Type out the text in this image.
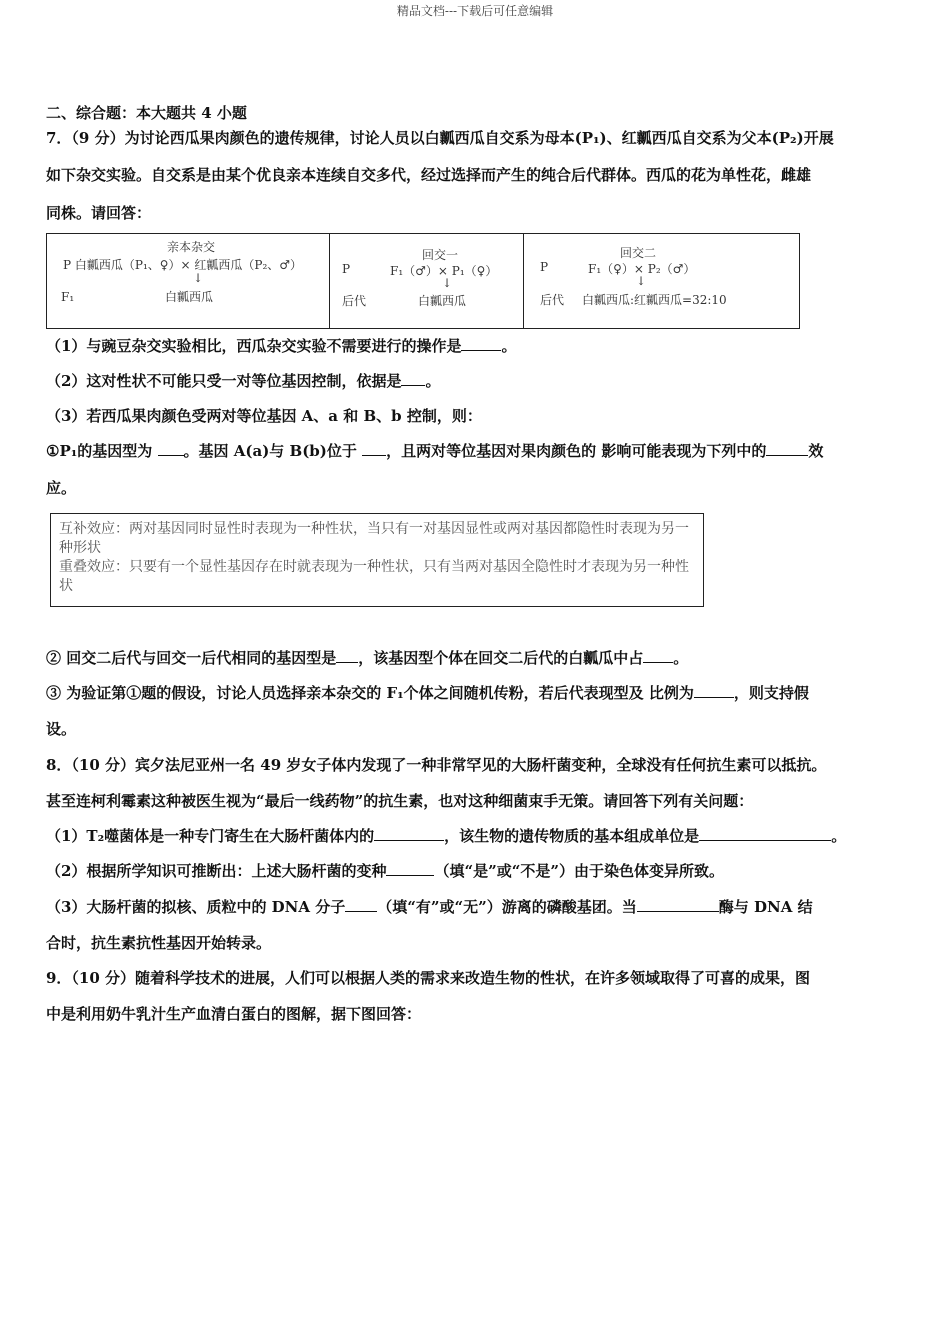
精品文档---下载后可任意编辑

二、综合题：本大题共 4 小题

7．（9 分）为讨论西瓜果肉颜色的遗传规律，讨论人员以白瓤西瓜自交系为母本(P₁)、红瓤西瓜自交系为父本(P₂)开展

如下杂交实验。自交系是由某个优良亲本连续自交多代，经过选择而产生的纯合后代群体。西瓜的花为单性花，雌雄

同株。请回答：

亲本杂交
P 白瓤西瓜（P₁、♀）× 红瓤西瓜（P₂、♂）
↓
F₁	白瓤西瓜
回交一
P	F₁（♂）× P₁（♀）
↓
后代	白瓤西瓜
回交二
P	F₁（♀）× P₂（♂）
↓
后代 白瓤西瓜:红瓤西瓜=32:10

（1）与豌豆杂交实验相比，西瓜杂交实验不需要进行的操作是	。

（2）这对性状不可能只受一对等位基因控制，依据是 。

（3）若西瓜果肉颜色受两对等位基因 A、a 和 B、b 控制，则：

①P₁的基因型为 。基因 A(a)与 B(b)位于 ，且两对等位基因对果肉颜色的 影响可能表现为下列中的	效

应。

互补效应：两对基因同时显性时表现为一种性状，当只有一对基因显性或两对基因都隐性时表现为另一种形状
重叠效应：只要有一个显性基因存在时就表现为一种性状，只有当两对基因全隐性时才表现为另一种性状

② 回交二后代与回交一后代相同的基因型是 ，该基因型个体在回交二后代的白瓤瓜中占 。

③ 为验证第①题的假设，讨论人员选择亲本杂交的 F₁个体之间随机传粉，若后代表现型及 比例为	，则支持假

设。

8．（10 分）宾夕法尼亚州一名 49 岁女子体内发现了一种非常罕见的大肠杆菌变种，全球没有任何抗生素可以抵抗。

甚至连柯利霉素这种被医生视为“最后一线药物”的抗生素，也对这种细菌束手无策。请回答下列有关问题：

（1）T₂噬菌体是一种专门寄生在大肠杆菌体内的	，该生物的遗传物质的基本组成单位是	。

（2）根据所学知识可推断出：上述大肠杆菌的变种	（填“是”或“不是”）由于染色体变异所致。

（3）大肠杆菌的拟核、质粒中的 DNA 分子 （填“有”或“无”）游离的磷酸基团。当	酶与 DNA 结

合时，抗生素抗性基因开始转录。

9．（10 分）随着科学技术的进展，人们可以根据人类的需求来改造生物的性状，在许多领域取得了可喜的成果，图

中是利用奶牛乳汁生产血清白蛋白的图解，据下图回答：
